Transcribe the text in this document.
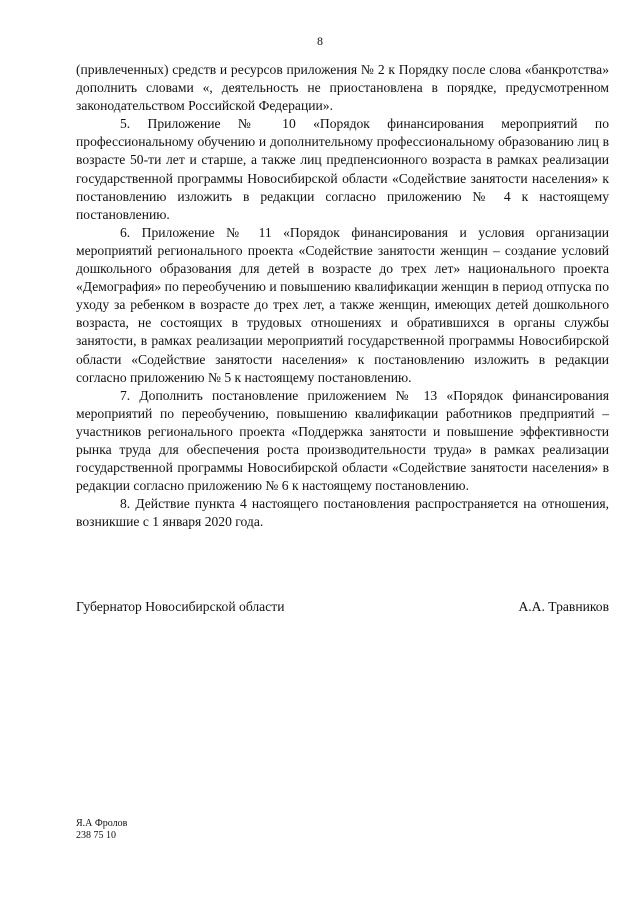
8

(привлеченных) средств и ресурсов приложения № 2 к Порядку после слова «банкротства» дополнить словами «, деятельность не приостановлена в порядке, предусмотренном законодательством Российской Федерации».

5. Приложение № 10 «Порядок финансирования мероприятий по профессиональному обучению и дополнительному профессиональному образованию лиц в возрасте 50-ти лет и старше, а также лиц предпенсионного возраста в рамках реализации государственной программы Новосибирской области «Содействие занятости населения» к постановлению изложить в редакции согласно приложению № 4 к настоящему постановлению.

6. Приложение № 11 «Порядок финансирования и условия организации мероприятий регионального проекта «Содействие занятости женщин – создание условий дошкольного образования для детей в возрасте до трех лет» национального проекта «Демография» по переобучению и повышению квалификации женщин в период отпуска по уходу за ребенком в возрасте до трех лет, а также женщин, имеющих детей дошкольного возраста, не состоящих в трудовых отношениях и обратившихся в органы службы занятости, в рамках реализации мероприятий государственной программы Новосибирской области «Содействие занятости населения» к постановлению изложить в редакции согласно приложению № 5 к настоящему постановлению.

7. Дополнить постановление приложением № 13 «Порядок финансирования мероприятий по переобучению, повышению квалификации работников предприятий – участников регионального проекта «Поддержка занятости и повышение эффективности рынка труда для обеспечения роста производительности труда» в рамках реализации государственной программы Новосибирской области «Содействие занятости населения» в редакции согласно приложению № 6 к настоящему постановлению.

8. Действие пункта 4 настоящего постановления распространяется на отношения, возникшие с 1 января 2020 года.

Губернатор Новосибирской области	А.А. Травников
Я.А Фролов
238 75 10
